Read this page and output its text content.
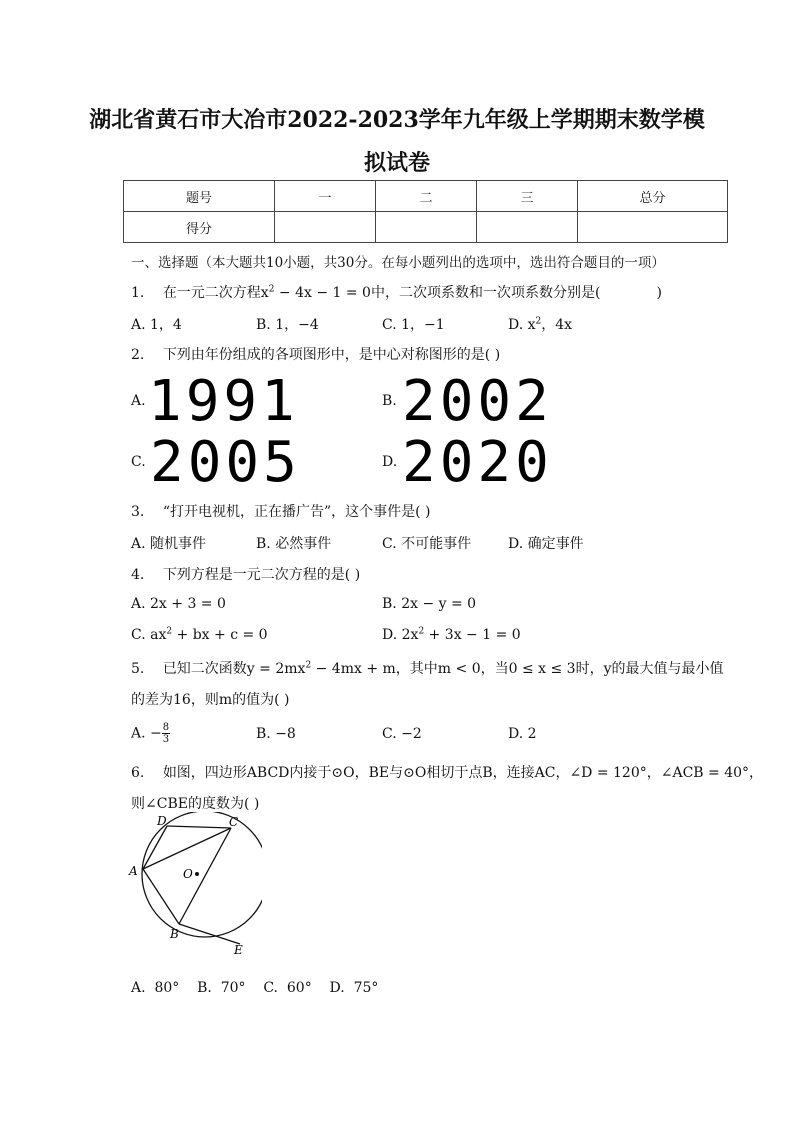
湖北省黄石市大冶市2022-2023学年九年级上学期期末数学模
拟试卷
题号	一	二	三	总分
得分				
一、选择题（本大题共10小题，共30分。在每小题列出的选项中，选出符合题目的一项）
1. 在一元二次方程$x^2 - 4x - 1 = 0$中，二次项系数和一次项系数分别是(	)
A. 1，4	B. 1，−4	C. 1，−1	D. $x^2$，4x
2. 下列由年份组成的各项图形中，是中心对称图形的是( )
A. 1991	B. 2002
C. 2005	D. 2020
3. “打开电视机，正在播广告”，这个事件是( )
A. 随机事件	B. 必然事件	C. 不可能事件	D. 确定事件
4. 下列方程是一元二次方程的是( )
A. 2x + 3 = 0	B. 2x − y = 0
C. $ax^2$ + bx + c = 0	D. $2x^2 + 3x - 1 = 0$
5. 已知二次函数$y = 2mx^2 - 4mx + m$，其中m < 0，当0 ≤ x ≤ 3时，y的最大值与最小值
的差为16，则m的值为( )
A. − $\frac{8}{3}$	B. −8	C. −2	D. 2
6. 如图，四边形ABCD内接于⊙O，BE与⊙O相切于点B，连接AC，∠D = 120°，∠ACB = 40°，
则∠CBE的度数为( )
D	C
A	O
B
E
A.  80°    B.  70°    C.  60°    D.  75°
